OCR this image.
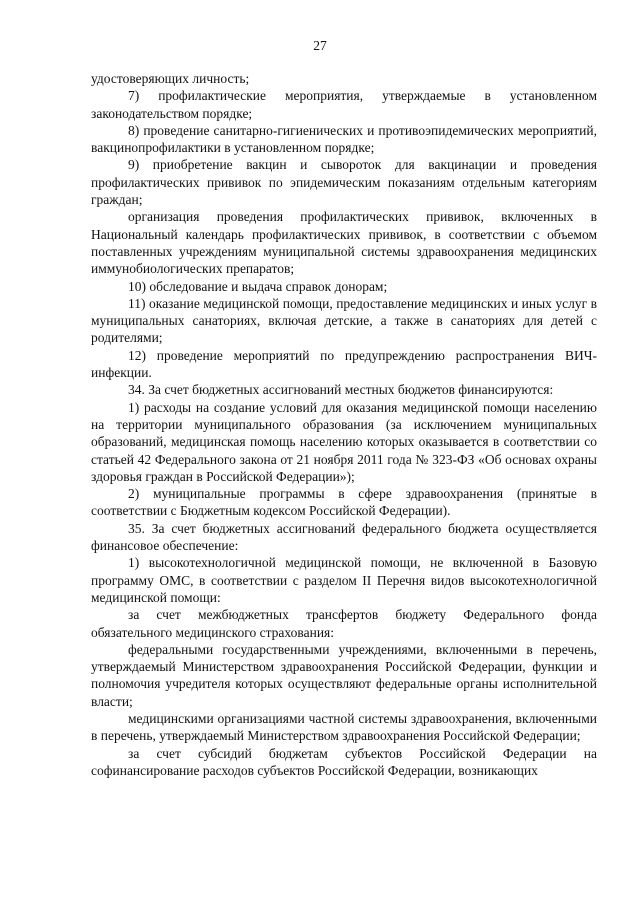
27

удостоверяющих личность;

7) профилактические мероприятия, утверждаемые в установленном законодательством порядке;

8) проведение санитарно-гигиенических и противоэпидемических мероприятий, вакцинопрофилактики в установленном порядке;

9) приобретение вакцин и сывороток для вакцинации и проведения профилактических прививок по эпидемическим показаниям отдельным категориям граждан;

организация проведения профилактических прививок, включенных в Национальный календарь профилактических прививок, в соответствии с объемом поставленных учреждениям муниципальной системы здравоохранения медицинских иммунобиологических препаратов;

10) обследование и выдача справок донорам;

11) оказание медицинской помощи, предоставление медицинских и иных услуг в муниципальных санаториях, включая детские, а также в санаториях для детей с родителями;

12) проведение мероприятий по предупреждению распространения ВИЧ-инфекции.

34. За счет бюджетных ассигнований местных бюджетов финансируются:

1) расходы на создание условий для оказания медицинской помощи населению на территории муниципального образования (за исключением муниципальных образований, медицинская помощь населению которых оказывается в соответствии со статьей 42 Федерального закона от 21 ноября 2011 года № 323-ФЗ «Об основах охраны здоровья граждан в Российской Федерации»);

2) муниципальные программы в сфере здравоохранения (принятые в соответствии с Бюджетным кодексом Российской Федерации).

35. За счет бюджетных ассигнований федерального бюджета осуществляется финансовое обеспечение:

1) высокотехнологичной медицинской помощи, не включенной в Базовую программу ОМС, в соответствии с разделом II Перечня видов высокотехнологичной медицинской помощи:

за счет межбюджетных трансфертов бюджету Федерального фонда обязательного медицинского страхования:

федеральными государственными учреждениями, включенными в перечень, утверждаемый Министерством здравоохранения Российской Федерации, функции и полномочия учредителя которых осуществляют федеральные органы исполнительной власти;

медицинскими организациями частной системы здравоохранения, включенными в перечень, утверждаемый Министерством здравоохранения Российской Федерации;

за счет субсидий бюджетам субъектов Российской Федерации на софинансирование расходов субъектов Российской Федерации, возникающих
